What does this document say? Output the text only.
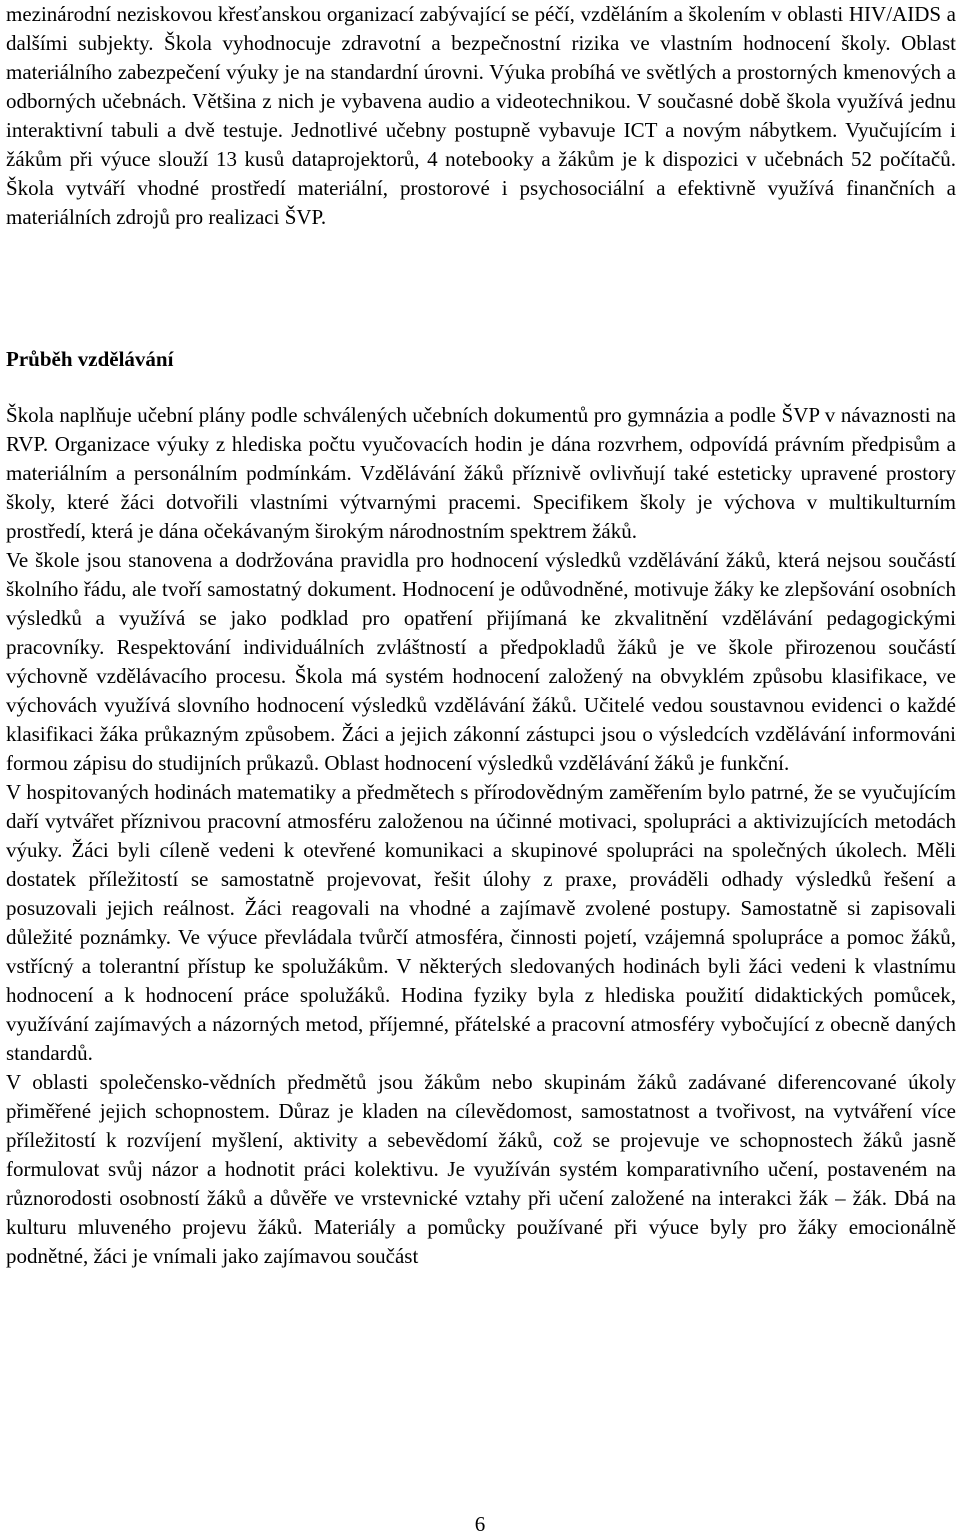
mezinárodní neziskovou křesťanskou organizací zabývající se péčí, vzděláním a školením v oblasti HIV/AIDS a dalšími subjekty. Škola vyhodnocuje zdravotní a bezpečnostní rizika ve vlastním hodnocení školy. Oblast materiálního zabezpečení výuky je na standardní úrovni. Výuka probíhá ve světlých a prostorných kmenových a odborných učebnách. Většina z nich je vybavena audio a videotechnikou. V současné době škola využívá jednu interaktivní tabuli a dvě testuje. Jednotlivé učebny postupně vybavuje ICT a novým nábytkem. Vyučujícím i žákům při výuce slouží 13 kusů dataprojektorů, 4 notebooky a žákům je k dispozici v učebnách 52 počítačů. Škola vytváří vhodné prostředí materiální, prostorové i psychosociální a efektivně využívá finančních a materiálních zdrojů pro realizaci ŠVP.

Průběh vzdělávání

Škola naplňuje učební plány podle schválených učebních dokumentů pro gymnázia a podle ŠVP v návaznosti na RVP. Organizace výuky z hlediska počtu vyučovacích hodin je dána rozvrhem, odpovídá právním předpisům a materiálním a personálním podmínkám. Vzdělávání žáků příznivě ovlivňují také esteticky upravené prostory školy, které žáci dotvořili vlastními výtvarnými pracemi. Specifikem školy je výchova v multikulturním prostředí, která je dána očekávaným širokým národnostním spektrem žáků.

Ve škole jsou stanovena a dodržována pravidla pro hodnocení výsledků vzdělávání žáků, která nejsou součástí školního řádu, ale tvoří samostatný dokument. Hodnocení je odůvodněné, motivuje žáky ke zlepšování osobních výsledků a využívá se jako podklad pro opatření přijímaná ke zkvalitnění vzdělávání pedagogickými pracovníky. Respektování individuálních zvláštností a předpokladů žáků je ve škole přirozenou součástí výchovně vzdělávacího procesu. Škola má systém hodnocení založený na obvyklém způsobu klasifikace, ve výchovách využívá slovního hodnocení výsledků vzdělávání žáků. Učitelé vedou soustavnou evidenci o každé klasifikaci žáka průkazným způsobem. Žáci a jejich zákonní zástupci jsou o výsledcích vzdělávání informováni formou zápisu do studijních průkazů. Oblast hodnocení výsledků vzdělávání žáků je funkční.

V hospitovaných hodinách matematiky a předmětech s přírodovědným zaměřením bylo patrné, že se vyučujícím daří vytvářet příznivou pracovní atmosféru založenou na účinné motivaci, spolupráci a aktivizujících metodách výuky. Žáci byli cíleně vedeni k otevřené komunikaci a skupinové spolupráci na společných úkolech. Měli dostatek příležitostí se samostatně projevovat, řešit úlohy z praxe, prováděli odhady výsledků řešení a posuzovali jejich reálnost. Žáci reagovali na vhodné a zajímavě zvolené postupy. Samostatně si zapisovali důležité poznámky. Ve výuce převládala tvůrčí atmosféra, činnosti pojetí, vzájemná spolupráce a pomoc žáků, vstřícný a tolerantní přístup ke spolužákům. V některých sledovaných hodinách byli žáci vedeni k vlastnímu hodnocení a k hodnocení práce spolužáků. Hodina fyziky byla z hlediska použití didaktických pomůcek, využívání zajímavých a názorných metod, příjemné, přátelské a pracovní atmosféry vybočující z obecně daných standardů.

V oblasti společensko-vědních předmětů jsou žákům nebo skupinám žáků zadávané diferencované úkoly přiměřené jejich schopnostem. Důraz je kladen na cílevědomost, samostatnost a tvořivost, na vytváření více příležitostí k rozvíjení myšlení, aktivity a sebevědomí žáků, což se projevuje ve schopnostech žáků jasně formulovat svůj názor a hodnotit práci kolektivu. Je využíván systém komparativního učení, postaveném na různorodosti osobností žáků a důvěře ve vrstevnické vztahy při učení založené na interakci žák – žák. Dbá na kulturu mluveného projevu žáků. Materiály a pomůcky používané při výuce byly pro žáky emocionálně podnětné, žáci je vnímali jako zajímavou součást

6
